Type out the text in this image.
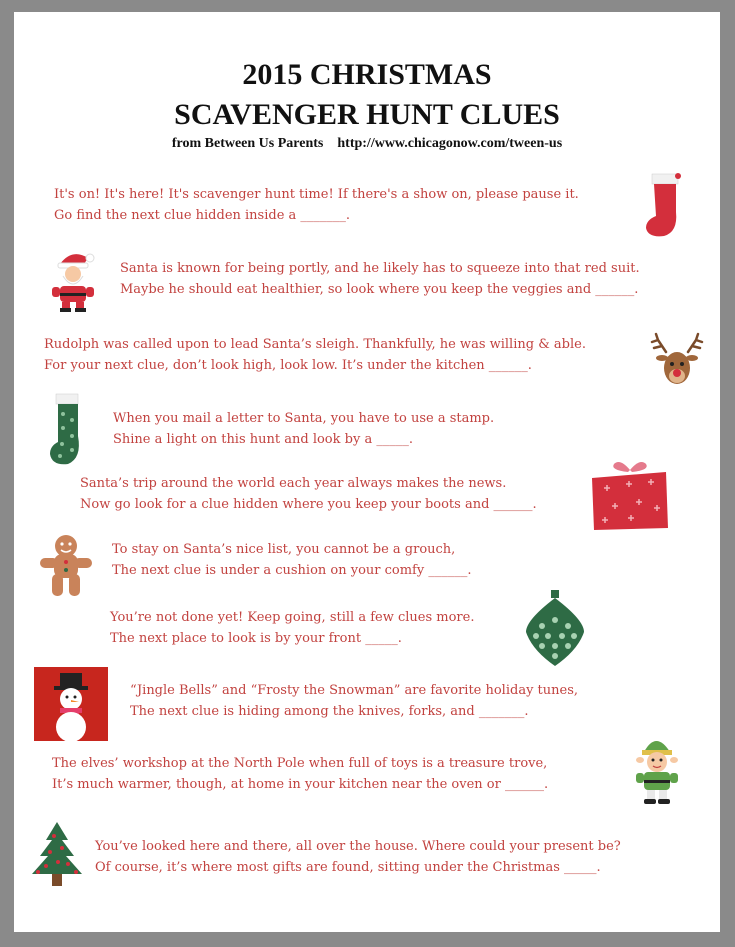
2015 CHRISTMAS
SCAVENGER HUNT CLUES
from Between Us Parents    http://www.chicagonow.com/tween-us
It's on! It's here! It's scavenger hunt time! If there's a show on, please pause it.
Go find the next clue hidden inside a _______.
Santa is known for being portly, and he likely has to squeeze into that red suit.
Maybe he should eat healthier, so look where you keep the veggies and ______.
Rudolph was called upon to lead Santa’s sleigh. Thankfully, he was willing & able.
For your next clue, don’t look high, look low. It’s under the kitchen ______.
When you mail a letter to Santa, you have to use a stamp.
Shine a light on this hunt and look by a _____.
Santa’s trip around the world each year always makes the news.
Now go look for a clue hidden where you keep your boots and ______.
To stay on Santa’s nice list, you cannot be a grouch,
The next clue is under a cushion on your comfy ______.
You’re not done yet! Keep going, still a few clues more.
The next place to look is by your front _____.
“Jingle Bells” and “Frosty the Snowman” are favorite holiday tunes,
The next clue is hiding among the knives, forks, and _______.
The elves’ workshop at the North Pole when full of toys is a treasure trove,
It’s much warmer, though, at home in your kitchen near the oven or ______.
You’ve looked here and there, all over the house. Where could your present be?
Of course, it’s where most gifts are found, sitting under the Christmas _____.
